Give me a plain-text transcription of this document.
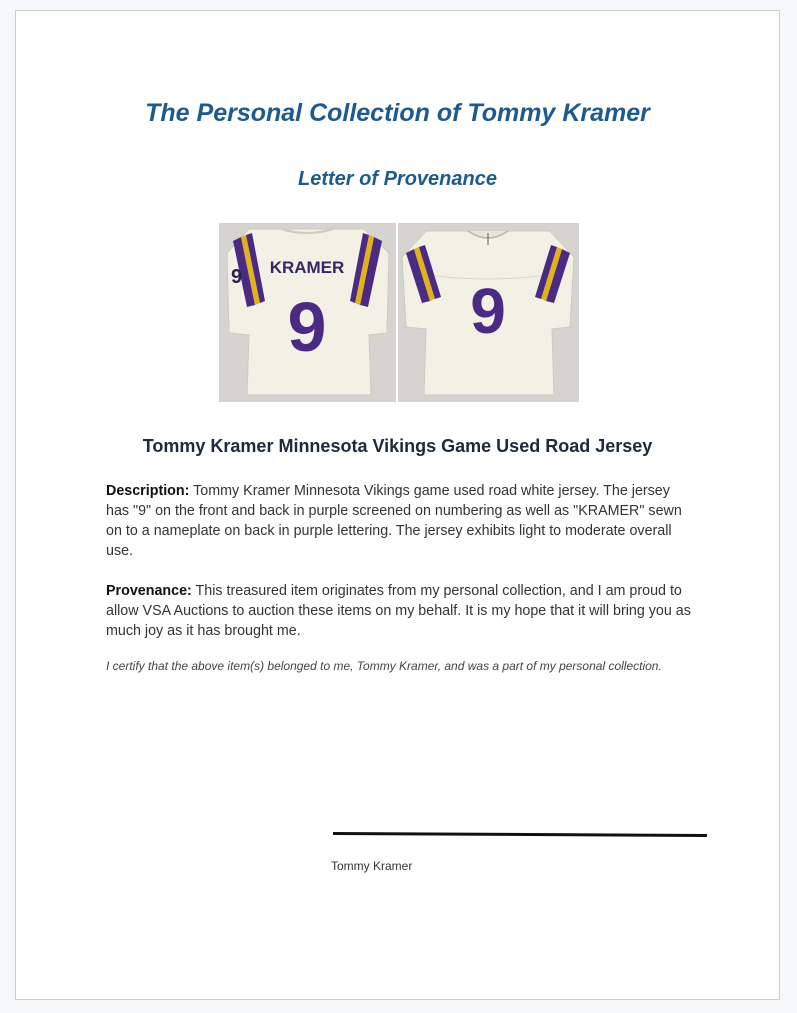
The Personal Collection of Tommy Kramer
Letter of Provenance
9 KRAMER
9 9
Tommy Kramer Minnesota Vikings Game Used Road Jersey
Description: Tommy Kramer Minnesota Vikings game used road white jersey. The jersey has "9" on the front and back in purple screened on numbering as well as "KRAMER" sewn on to a nameplate on back in purple lettering. The jersey exhibits light to moderate overall use.
Provenance: This treasured item originates from my personal collection, and I am proud to allow VSA Auctions to auction these items on my behalf. It is my hope that it will bring you as much joy as it has brought me.
I certify that the above item(s) belonged to me, Tommy Kramer, and was a part of my personal collection.
Tommy Kramer
